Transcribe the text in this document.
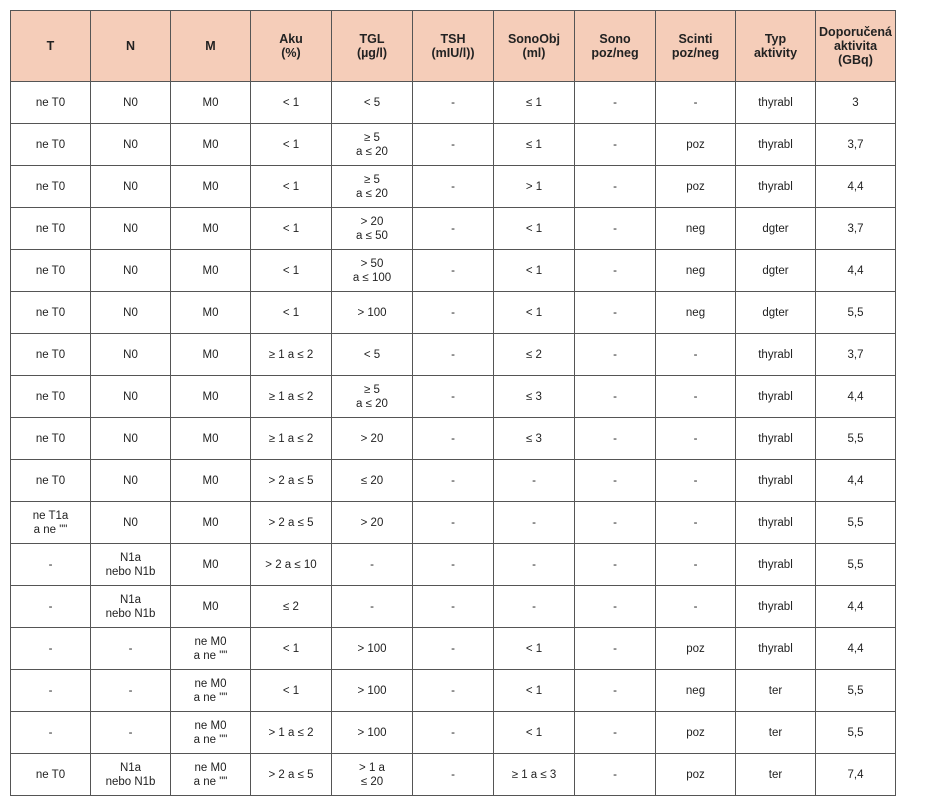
T	N	M	Aku
(%)	TGL
(µg/l)	TSH
(mIU/l))	SonoObj
(ml)	Sono
poz/neg	Scinti
poz/neg	Typ
aktivity	Doporučená
aktivita
(GBq)
ne T0	N0	M0	< 1	< 5	-	≤ 1	-	-	thyrabl	3
ne T0	N0	M0	< 1	≥ 5
a ≤ 20	-	≤ 1	-	poz	thyrabl	3,7
ne T0	N0	M0	< 1	≥ 5
a ≤ 20	-	> 1	-	poz	thyrabl	4,4
ne T0	N0	M0	< 1	> 20
a ≤ 50	-	< 1	-	neg	dgter	3,7
ne T0	N0	M0	< 1	> 50
a ≤ 100	-	< 1	-	neg	dgter	4,4
ne T0	N0	M0	< 1	> 100	-	< 1	-	neg	dgter	5,5
ne T0	N0	M0	≥ 1 a ≤ 2	< 5	-	≤ 2	-	-	thyrabl	3,7
ne T0	N0	M0	≥ 1 a ≤ 2	≥ 5
a ≤ 20	-	≤ 3	-	-	thyrabl	4,4
ne T0	N0	M0	≥ 1 a ≤ 2	> 20	-	≤ 3	-	-	thyrabl	5,5
ne T0	N0	M0	> 2 a ≤ 5	≤ 20	-	-	-	-	thyrabl	4,4
ne T1a
a ne ""	N0	M0	> 2 a ≤ 5	> 20	-	-	-	-	thyrabl	5,5
-	N1a
nebo N1b	M0	> 2 a ≤ 10	-	-	-	-	-	thyrabl	5,5
-	N1a
nebo N1b	M0	≤ 2	-	-	-	-	-	thyrabl	4,4
-	-	ne M0
a ne ""	< 1	> 100	-	< 1	-	poz	thyrabl	4,4
-	-	ne M0
a ne ""	< 1	> 100	-	< 1	-	neg	ter	5,5
-	-	ne M0
a ne ""	> 1 a ≤ 2	> 100	-	< 1	-	poz	ter	5,5
ne T0	N1a
nebo N1b	ne M0
a ne ""	> 2 a ≤ 5	> 1 a
≤ 20	-	≥ 1 a ≤ 3	-	poz	ter	7,4
